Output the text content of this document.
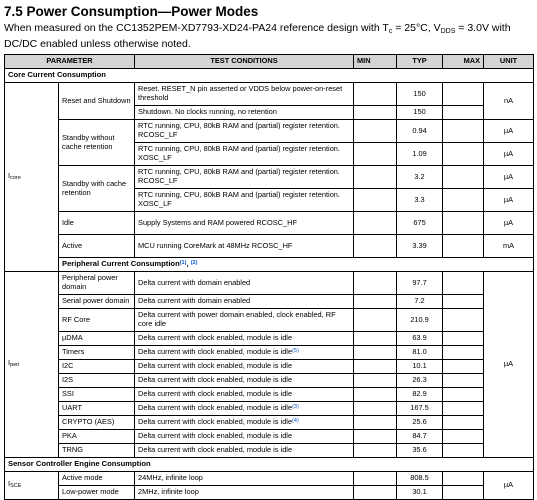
7.5 Power Consumption—Power Modes
When measured on the CC1352PEM-XD7793-XD24-PA24 reference design with $T_c = 25^\circ C$, $V_{DDS} = 3.0V$ with DC/DC enabled unless otherwise noted.
PARAMETER		TEST CONDITIONS	MIN	TYP	MAX	UNIT
Core Current Consumption						
$I_{core}$	Reset and Shutdown	Reset. RESET_N pin asserted or VDDS below power-on-reset threshold		150		nA
		Shutdown. No clocks running, no retention		150		
	Standby without cache retention	RTC running, CPU, 80kB RAM and (partial) register retention. RCOSC_LF		0.94		µA
		RTC running, CPU, 80kB RAM and (partial) register retention. XOSC_LF		1.09		µA
	Standby with cache retention	RTC running, CPU, 80kB RAM and (partial) register retention. RCOSC_LF		3.2		µA
		RTC running, CPU, 80kB RAM and (partial) register retention. XOSC_LF		3.3		µA
	Idle	Supply Systems and RAM powered RCOSC_HF		675		µA
	Active	MCU running CoreMark at 48MHz RCOSC_HF		3.39		mA
	Peripheral Current Consumption$^{(1)}$, $^{(2)}$
$I_{peri}$	Peripheral power domain	Delta current with domain enabled		97.7		µA
	Serial power domain	Delta current with domain enabled		7.2		
	RF Core	Delta current with power domain enabled, clock enabled, RF core idle		210.9		
	µDMA	Delta current with clock enabled, module is idle		63.9		
	Timers	Delta current with clock enabled, module is idle$^{(5)}$		81.0		
	I2C	Delta current with clock enabled, module is idle		10.1		
	I2S	Delta current with clock enabled, module is idle		26.3		
	SSI	Delta current with clock enabled, module is idle		82.9		
	UART	Delta current with clock enabled, module is idle$^{(3)}$		167.5		
	CRYPTO (AES)	Delta current with clock enabled, module is idle$^{(4)}$		25.6		
	PKA	Delta current with clock enabled, module is idle		84.7		
	TRNG	Delta current with clock enabled, module is idle		35.6		
Sensor Controller Engine Consumption						
$I_{SCE}$	Active mode	24MHz, infinite loop		808.5		µA
	Low-power mode	2MHz, infinite loop		30.1		
